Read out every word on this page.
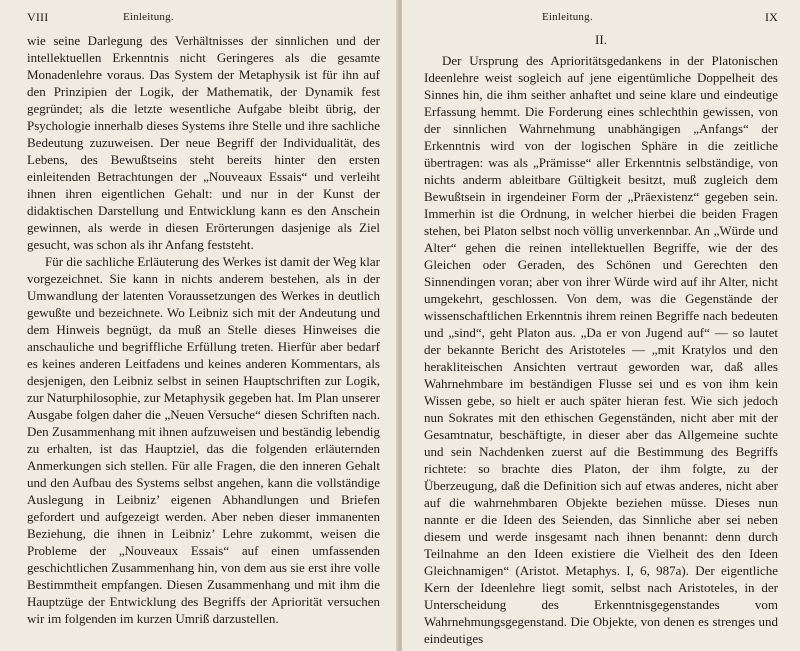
VIII	Einleitung.

wie seine Darlegung des Verhältnisses der sinnlichen und der intellektuellen Erkenntnis nicht Geringeres als die gesamte Monadenlehre voraus. Das System der Metaphysik ist für ihn auf den Prinzipien der Logik, der Mathematik, der Dynamik fest gegründet; als die letzte wesentliche Aufgabe bleibt übrig, der Psychologie innerhalb dieses Systems ihre Stelle und ihre sachliche Bedeutung zuzuweisen. Der neue Begriff der Individualität, des Lebens, des Bewußtseins steht bereits hinter den ersten einleitenden Betrachtungen der „Nouveaux Essais“ und verleiht ihnen ihren eigentlichen Gehalt: und nur in der Kunst der didaktischen Darstellung und Entwicklung kann es den Anschein gewinnen, als werde in diesen Erörterungen dasjenige als Ziel gesucht, was schon als ihr Anfang feststeht.

Für die sachliche Erläuterung des Werkes ist damit der Weg klar vorgezeichnet. Sie kann in nichts anderem bestehen, als in der Umwandlung der latenten Voraussetzungen des Werkes in deutlich gewußte und bezeichnete. Wo Leibniz sich mit der Andeutung und dem Hinweis begnügt, da muß an Stelle dieses Hinweises die anschauliche und begriffliche Erfüllung treten. Hierfür aber bedarf es keines anderen Leitfadens und keines anderen Kommentars, als desjenigen, den Leibniz selbst in seinen Hauptschriften zur Logik, zur Naturphilosophie, zur Metaphysik gegeben hat. Im Plan unserer Ausgabe folgen daher die „Neuen Versuche“ diesen Schriften nach. Den Zusammenhang mit ihnen aufzuweisen und beständig lebendig zu erhalten, ist das Hauptziel, das die folgenden erläuternden Anmerkungen sich stellen. Für alle Fragen, die den inneren Gehalt und den Aufbau des Systems selbst angehen, kann die vollständige Auslegung in Leibniz’ eigenen Abhandlungen und Briefen gefordert und aufgezeigt werden. Aber neben dieser immanenten Beziehung, die ihnen in Leibniz’ Lehre zukommt, weisen die Probleme der „Nouveaux Essais“ auf einen umfassenden geschichtlichen Zusammenhang hin, von dem aus sie erst ihre volle Bestimmtheit empfangen. Diesen Zusammenhang und mit ihm die Hauptzüge der Entwicklung des Begriffs der Apriorität versuchen wir im folgenden im kurzen Umriß darzustellen.

Einleitung.	IX
II.

Der Ursprung des Aprioritätsgedankens in der Platonischen Ideenlehre weist sogleich auf jene eigentümliche Doppelheit des Sinnes hin, die ihm seither anhaftet und seine klare und eindeutige Erfassung hemmt. Die Forderung eines schlechthin gewissen, von der sinnlichen Wahrnehmung unabhängigen „Anfangs“ der Erkenntnis wird von der logischen Sphäre in die zeitliche übertragen: was als „Prämisse“ aller Erkenntnis selbständige, von nichts anderm ableitbare Gültigkeit besitzt, muß zugleich dem Bewußtsein in irgendeiner Form der „Präexistenz“ gegeben sein. Immerhin ist die Ordnung, in welcher hierbei die beiden Fragen stehen, bei Platon selbst noch völlig unverkennbar. An „Würde und Alter“ gehen die reinen intellektuellen Begriffe, wie der des Gleichen oder Geraden, des Schönen und Gerechten den Sinnendingen voran; aber von ihrer Würde wird auf ihr Alter, nicht umgekehrt, geschlossen. Von dem, was die Gegenstände der wissenschaftlichen Erkenntnis ihrem reinen Begriffe nach bedeuten und „sind“, geht Platon aus. „Da er von Jugend auf“ — so lautet der bekannte Bericht des Aristoteles — „mit Kratylos und den herakliteischen Ansichten vertraut geworden war, daß alles Wahrnehmbare im beständigen Flusse sei und es von ihm kein Wissen gebe, so hielt er auch später hieran fest. Wie sich jedoch nun Sokrates mit den ethischen Gegenständen, nicht aber mit der Gesamtnatur, beschäftigte, in dieser aber das Allgemeine suchte und sein Nachdenken zuerst auf die Bestimmung des Begriffs richtete: so brachte dies Platon, der ihm folgte, zu der Überzeugung, daß die Definition sich auf etwas anderes, nicht aber auf die wahrnehmbaren Objekte beziehen müsse. Dieses nun nannte er die Ideen des Seienden, das Sinnliche aber sei neben diesem und werde insgesamt nach ihnen benannt: denn durch Teilnahme an den Ideen existiere die Vielheit des den Ideen Gleichnamigen“ (Aristot. Metaphys. I, 6, 987a). Der eigentliche Kern der Ideenlehre liegt somit, selbst nach Aristoteles, in der Unterscheidung des Erkenntnisgegenstandes vom Wahrnehmungsgegenstand. Die Objekte, von denen es strenges und eindeutiges
